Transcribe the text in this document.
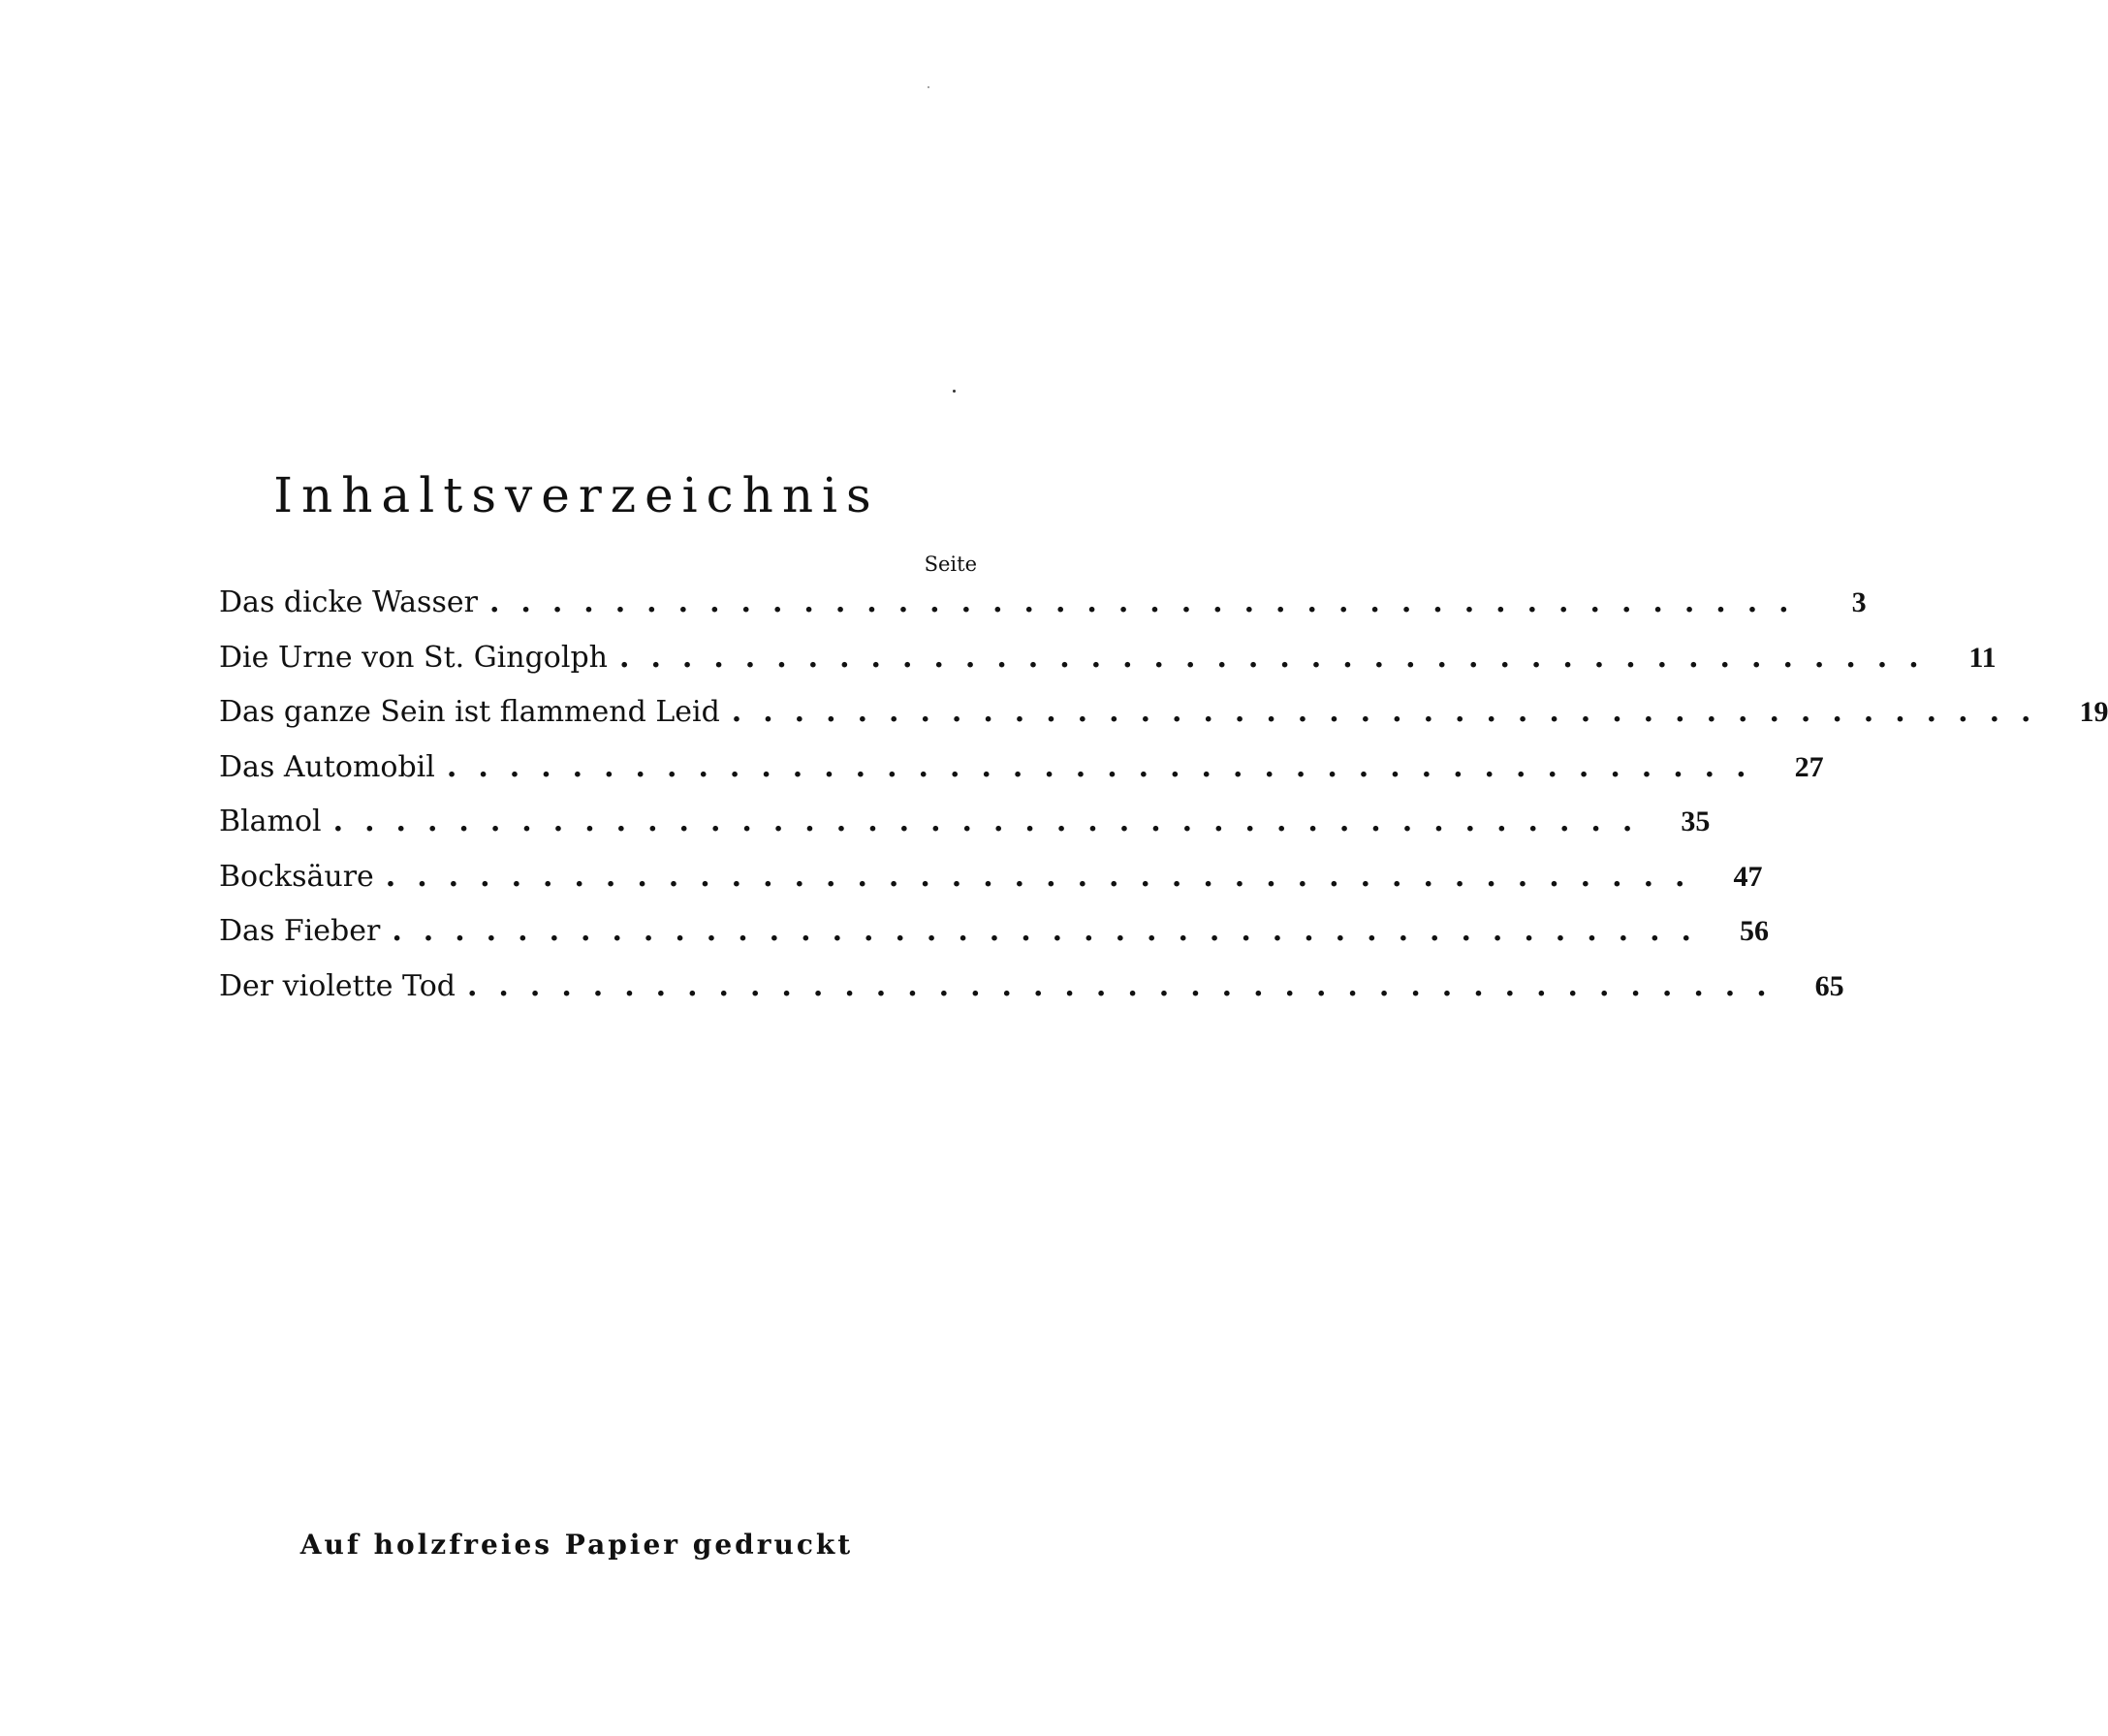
Inhaltsverzeichnis
Seite
Das dicke Wasser ..........................................	3
Die Urne von St. Gingolph .......................................... 11
Das ganze Sein ist flammend Leid .......................................... 19
Das Automobil .......................................... 27
Blamol .......................................... 35
Bocksäure .......................................... 47
Das Fieber .......................................... 56
Der violette Tod .......................................... 65
Auf holzfreies Papier gedruckt
